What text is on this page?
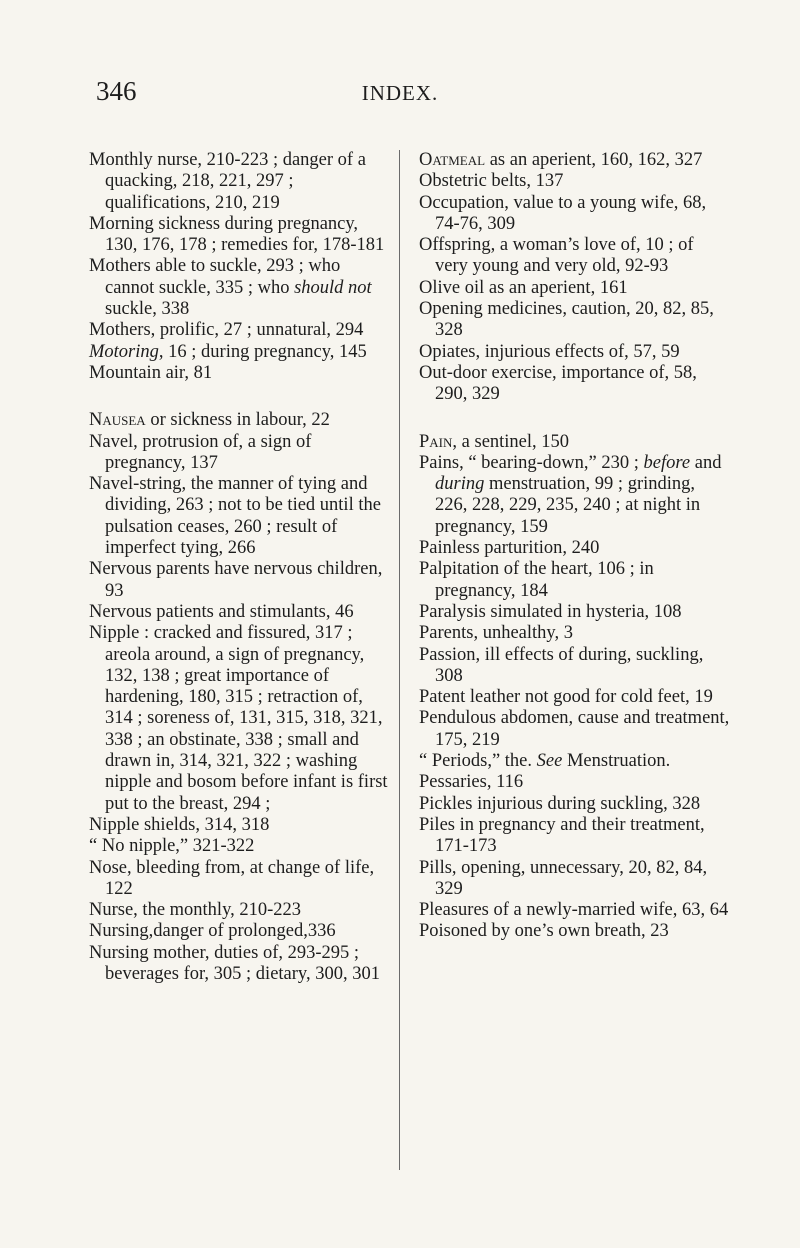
346	INDEX.

Monthly nurse, 210-223 ; danger of a quacking, 218, 221, 297 ; qualifications, 210, 219

Morning sickness during pregnancy, 130, 176, 178 ; remedies for, 178-181

Mothers able to suckle, 293 ; who cannot suckle, 335 ; who should not suckle, 338

Mothers, prolific, 27 ; unnatural, 294

Motoring, 16 ; during pregnancy, 145

Mountain air, 81

Nausea or sickness in labour, 22

Navel, protrusion of, a sign of pregnancy, 137

Navel-string, the manner of tying and dividing, 263 ; not to be tied until the pulsation ceases, 260 ; result of imperfect tying, 266

Nervous parents have nervous children, 93

Nervous patients and stimulants, 46

Nipple : cracked and fissured, 317 ; areola around, a sign of pregnancy, 132, 138 ; great importance of hardening, 180, 315 ; retraction of, 314 ; soreness of, 131, 315, 318, 321, 338 ; an obstinate, 338 ; small and drawn in, 314, 321, 322 ; washing nipple and bosom before infant is first put to the breast, 294 ;

Nipple shields, 314, 318

“ No nipple,” 321-322

Nose, bleeding from, at change of life, 122

Nurse, the monthly, 210-223

Nursing,danger of prolonged,336

Nursing mother, duties of, 293-295 ; beverages for, 305 ; dietary, 300, 301

Oatmeal as an aperient, 160, 162, 327

Obstetric belts, 137

Occupation, value to a young wife, 68, 74-76, 309

Offspring, a woman’s love of, 10 ; of very young and very old, 92-93

Olive oil as an aperient, 161

Opening medicines, caution, 20, 82, 85, 328

Opiates, injurious effects of, 57, 59

Out-door exercise, importance of, 58, 290, 329

Pain, a sentinel, 150

Pains, “ bearing-down,” 230 ; before and during menstruation, 99 ; grinding, 226, 228, 229, 235, 240 ; at night in pregnancy, 159

Painless parturition, 240

Palpitation of the heart, 106 ; in pregnancy, 184

Paralysis simulated in hysteria, 108

Parents, unhealthy, 3

Passion, ill effects of during, suckling, 308

Patent leather not good for cold feet, 19

Pendulous abdomen, cause and treatment, 175, 219

“ Periods,” the. See Menstruation.

Pessaries, 116

Pickles injurious during suckling, 328

Piles in pregnancy and their treatment, 171-173

Pills, opening, unnecessary, 20, 82, 84, 329

Pleasures of a newly-married wife, 63, 64

Poisoned by one’s own breath, 23
